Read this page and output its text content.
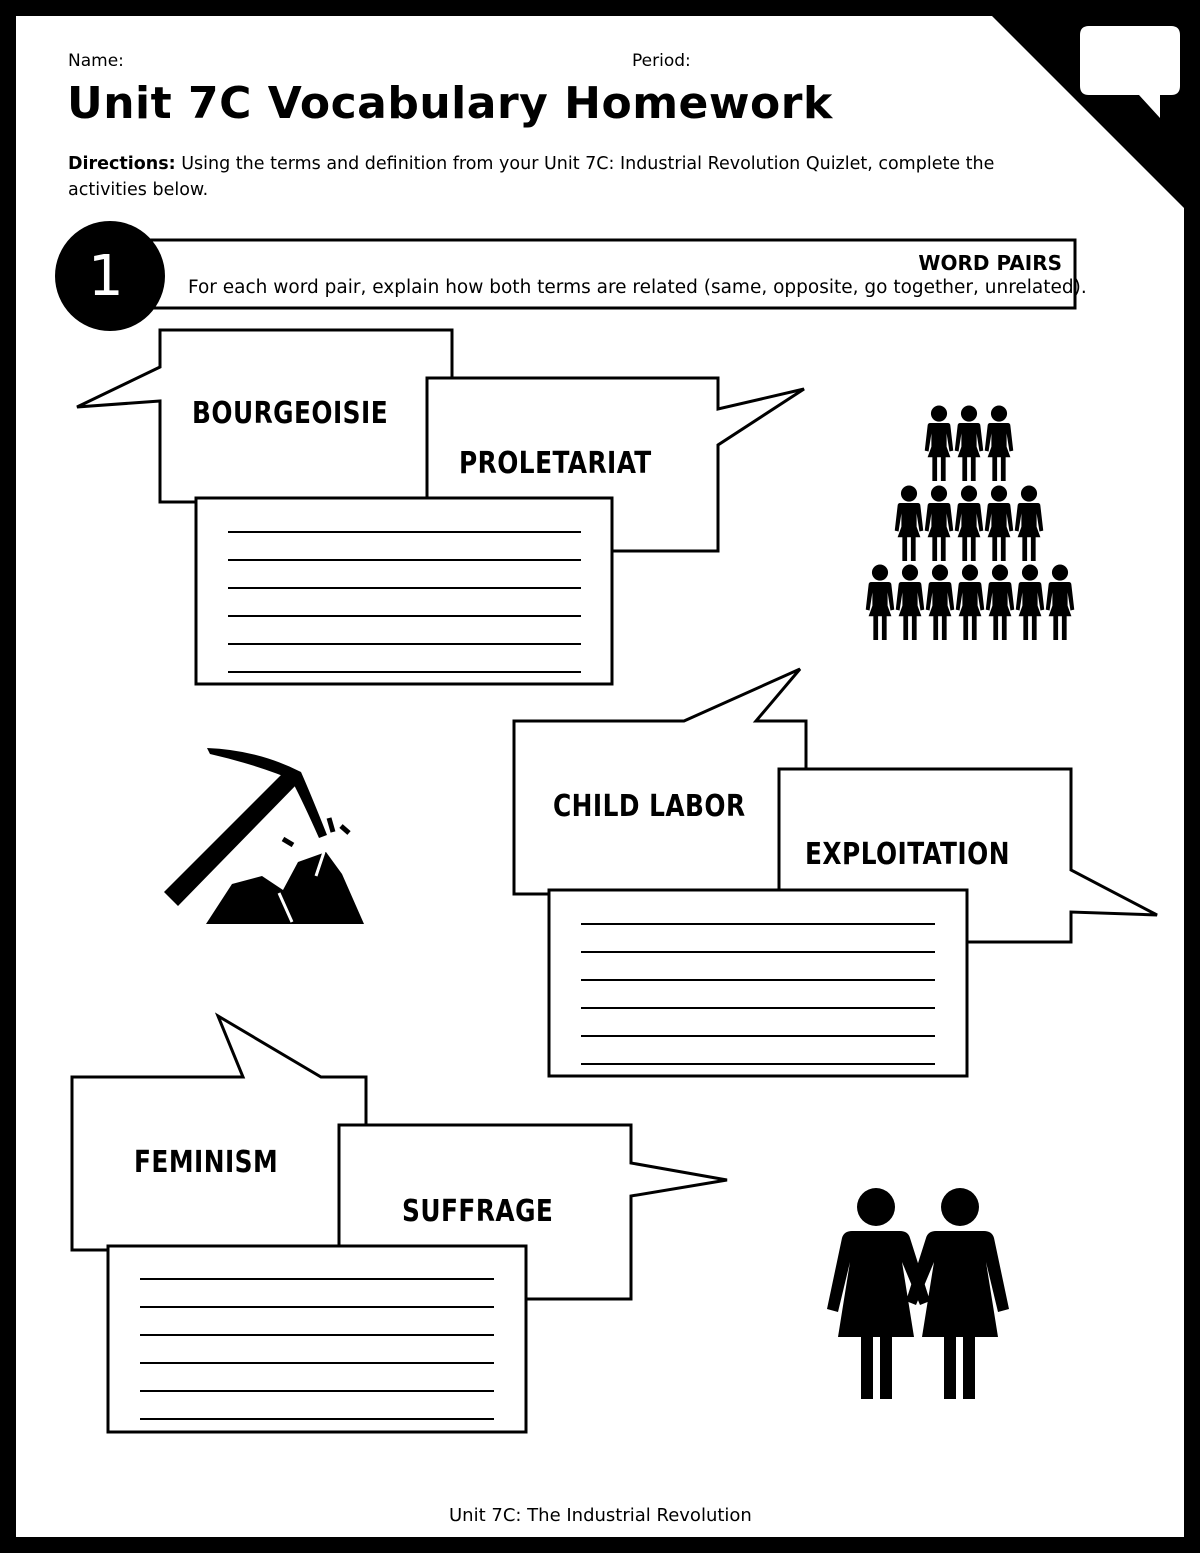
Name:	Period:

Unit 7C Vocabulary Homework

Directions: Using the terms and definition from your Unit 7C: Industrial Revolution Quizlet, complete the activities below.

1	WORD PAIRS

For each word pair, explain how both terms are related (same, opposite, go together, unrelated).

BOURGEOISIE

PROLETARIAT

CHILD LABOR

EXPLOITATION

FEMINISM

SUFFRAGE

Unit 7C: The Industrial Revolution
